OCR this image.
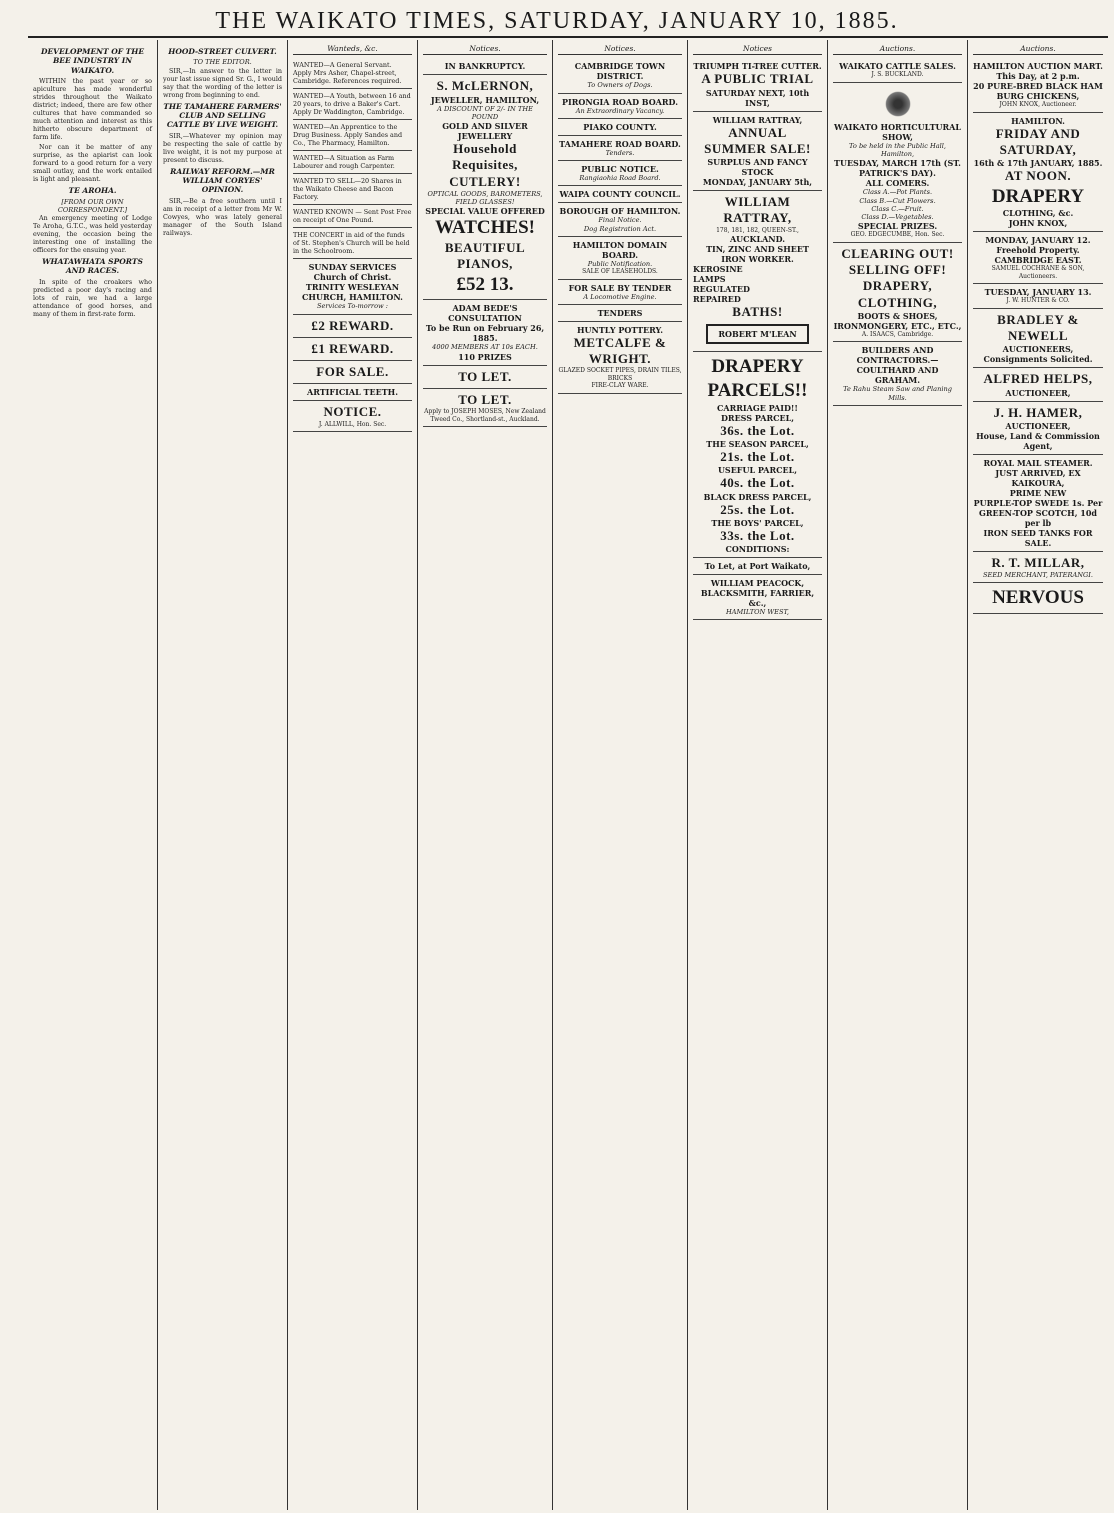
THE WAIKATO TIMES, SATURDAY, JANUARY 10, 1885.
DEVELOPMENT OF THE BEE INDUSTRY IN WAIKATO.

WITHIN the past year or so apiculture has made wonderful strides throughout the Waikato district; indeed, there are few other cultures that have commanded so much attention and interest as this hitherto obscure department of farm life.

Nor can it be matter of any surprise, as the apiarist can look forward to a good return for a very small outlay, and the work entailed is light and pleasant.

TE AROHA.
[FROM OUR OWN CORRESPONDENT.]

An emergency meeting of Lodge Te Aroha, G.T.C., was held yesterday evening, the occasion being the interesting one of installing the officers for the ensuing year.

WHATAWHATA SPORTS AND RACES.

In spite of the croakers who predicted a poor day's racing and lots of rain, we had a large attendance of good horses, and many of them in first-rate form.

HOOD-STREET CULVERT.
TO THE EDITOR.

SIR,—In answer to the letter in your last issue signed Sr. G., I would say that the wording of the letter is wrong from beginning to end.

THE TAMAHERE FARMERS' CLUB AND SELLING CATTLE BY LIVE WEIGHT.

SIR,—Whatever my opinion may be respecting the sale of cattle by live weight, it is not my purpose at present to discuss.

RAILWAY REFORM.—MR WILLIAM CORYES' OPINION.

SIR,—Be a free southern until I am in receipt of a letter from Mr W. Cowyes, who was lately general manager of the South Island railways.

Wanteds, &c.
WANTED—A General Servant. Apply Mrs Asher, Chapel-street, Cambridge. References required.
WANTED—A Youth, between 16 and 20 years, to drive a Baker's Cart. Apply Dr Waddington, Cambridge.
WANTED—An Apprentice to the Drug Business. Apply Sandes and Co., The Pharmacy, Hamilton.
WANTED—A Situation as Farm Labourer and rough Carpenter.
WANTED TO SELL—20 Shares in the Waikato Cheese and Bacon Factory.
WANTED KNOWN — Sent Post Free on receipt of One Pound.
THE CONCERT in aid of the funds of St. Stephen's Church will be held in the Schoolroom.
SUNDAY SERVICES
Church of Christ.
TRINITY WESLEYAN CHURCH, HAMILTON.
Services To-morrow :
£2 REWARD.
£1 REWARD.
FOR SALE.
ARTIFICIAL TEETH.
NOTICE.
J. ALLWILL, Hon. Sec.
Notices.
IN BANKRUPTCY.
S. McLERNON,
JEWELLER, HAMILTON,
A DISCOUNT OF 2/- IN THE POUND
GOLD AND SILVER JEWELLERY
Household Requisites,
CUTLERY!
OPTICAL GOODS, BAROMETERS, FIELD GLASSES!
SPECIAL VALUE OFFERED
WATCHES!
BEAUTIFUL PIANOS,
£52 13.
ADAM BEDE'S CONSULTATION
To be Run on February 26, 1885.
4000 MEMBERS AT 10s EACH.
110 PRIZES
TO LET.
TO LET.
Apply to JOSEPH MOSES, New Zealand Tweed Co., Shortland-st., Auckland.
Notices.
CAMBRIDGE TOWN DISTRICT.
To Owners of Dogs.
PIRONGIA ROAD BOARD.
An Extraordinary Vacancy.
PIAKO COUNTY.
TAMAHERE ROAD BOARD.
Tenders.
PUBLIC NOTICE.
Rangiaohia Road Board.
WAIPA COUNTY COUNCIL.
BOROUGH OF HAMILTON.
Final Notice.
Dog Registration Act.
HAMILTON DOMAIN BOARD.
Public Notification.
SALE OF LEASEHOLDS.
FOR SALE BY TENDER
A Locomotive Engine.
TENDERS
HUNTLY POTTERY.
METCALFE & WRIGHT.
GLAZED SOCKET PIPES, DRAIN TILES, BRICKS
FIRE-CLAY WARE.
Notices
TRIUMPH TI-TREE CUTTER.
A PUBLIC TRIAL
SATURDAY NEXT, 10th INST,
WILLIAM RATTRAY,
ANNUAL
SUMMER SALE!
SURPLUS AND FANCY STOCK
MONDAY, JANUARY 5th,
WILLIAM RATTRAY,
178, 181, 182, QUEEN-ST.,
AUCKLAND.
TIN, ZINC AND SHEET IRON WORKER.
KEROSINE
LAMPS
REGULATED
REPAIRED
BATHS!
ROBERT M'LEAN
DRAPERY
PARCELS!!
CARRIAGE PAID!!
DRESS PARCEL,
36s. the Lot.
THE SEASON PARCEL,
21s. the Lot.
USEFUL PARCEL,
40s. the Lot.
BLACK DRESS PARCEL,
25s. the Lot.
THE BOYS' PARCEL,
33s. the Lot.
CONDITIONS:
To Let, at Port Waikato,
WILLIAM PEACOCK,
BLACKSMITH, FARRIER, &c.,
HAMILTON WEST,
Auctions.
WAIKATO CATTLE SALES.
J. S. BUCKLAND.
WAIKATO HORTICULTURAL SHOW,
To be held in the Public Hall, Hamilton,
TUESDAY, MARCH 17th (ST. PATRICK'S DAY).
ALL COMERS.
Class A.—Pot Plants.
Class B.—Cut Flowers.
Class C.—Fruit.
Class D.—Vegetables.
SPECIAL PRIZES.
GEO. EDGECUMBE, Hon. Sec.
CLEARING OUT!
SELLING OFF!
DRAPERY, CLOTHING,
BOOTS & SHOES,
IRONMONGERY, ETC., ETC.,
A. ISAACS, Cambridge.
BUILDERS AND CONTRACTORS.—
COULTHARD AND GRAHAM.
Te Rahu Steam Saw and Planing Mills.
Auctions.
HAMILTON AUCTION MART.
This Day, at 2 p.m.
20 PURE-BRED BLACK HAM BURG CHICKENS,
JOHN KNOX, Auctioneer.
HAMILTON.
FRIDAY AND SATURDAY,
16th & 17th JANUARY, 1885.
AT NOON.
DRAPERY
CLOTHING, &c.
JOHN KNOX,
MONDAY, JANUARY 12.
Freehold Property.
CAMBRIDGE EAST.
SAMUEL COCHRANE & SON, Auctioneers.
TUESDAY, JANUARY 13.
J. W. HUNTER & CO.
BRADLEY & NEWELL
AUCTIONEERS,
Consignments Solicited.
ALFRED HELPS,
AUCTIONEER,
J. H. HAMER,
AUCTIONEER,
House, Land & Commission Agent,
ROYAL MAIL STEAMER.
JUST ARRIVED, EX KAIKOURA,
PRIME NEW
PURPLE-TOP SWEDE 1s. Per
GREEN-TOP SCOTCH, 10d per lb
IRON SEED TANKS FOR SALE.
R. T. MILLAR,
SEED MERCHANT, PATERANGI.
NERVOUS
